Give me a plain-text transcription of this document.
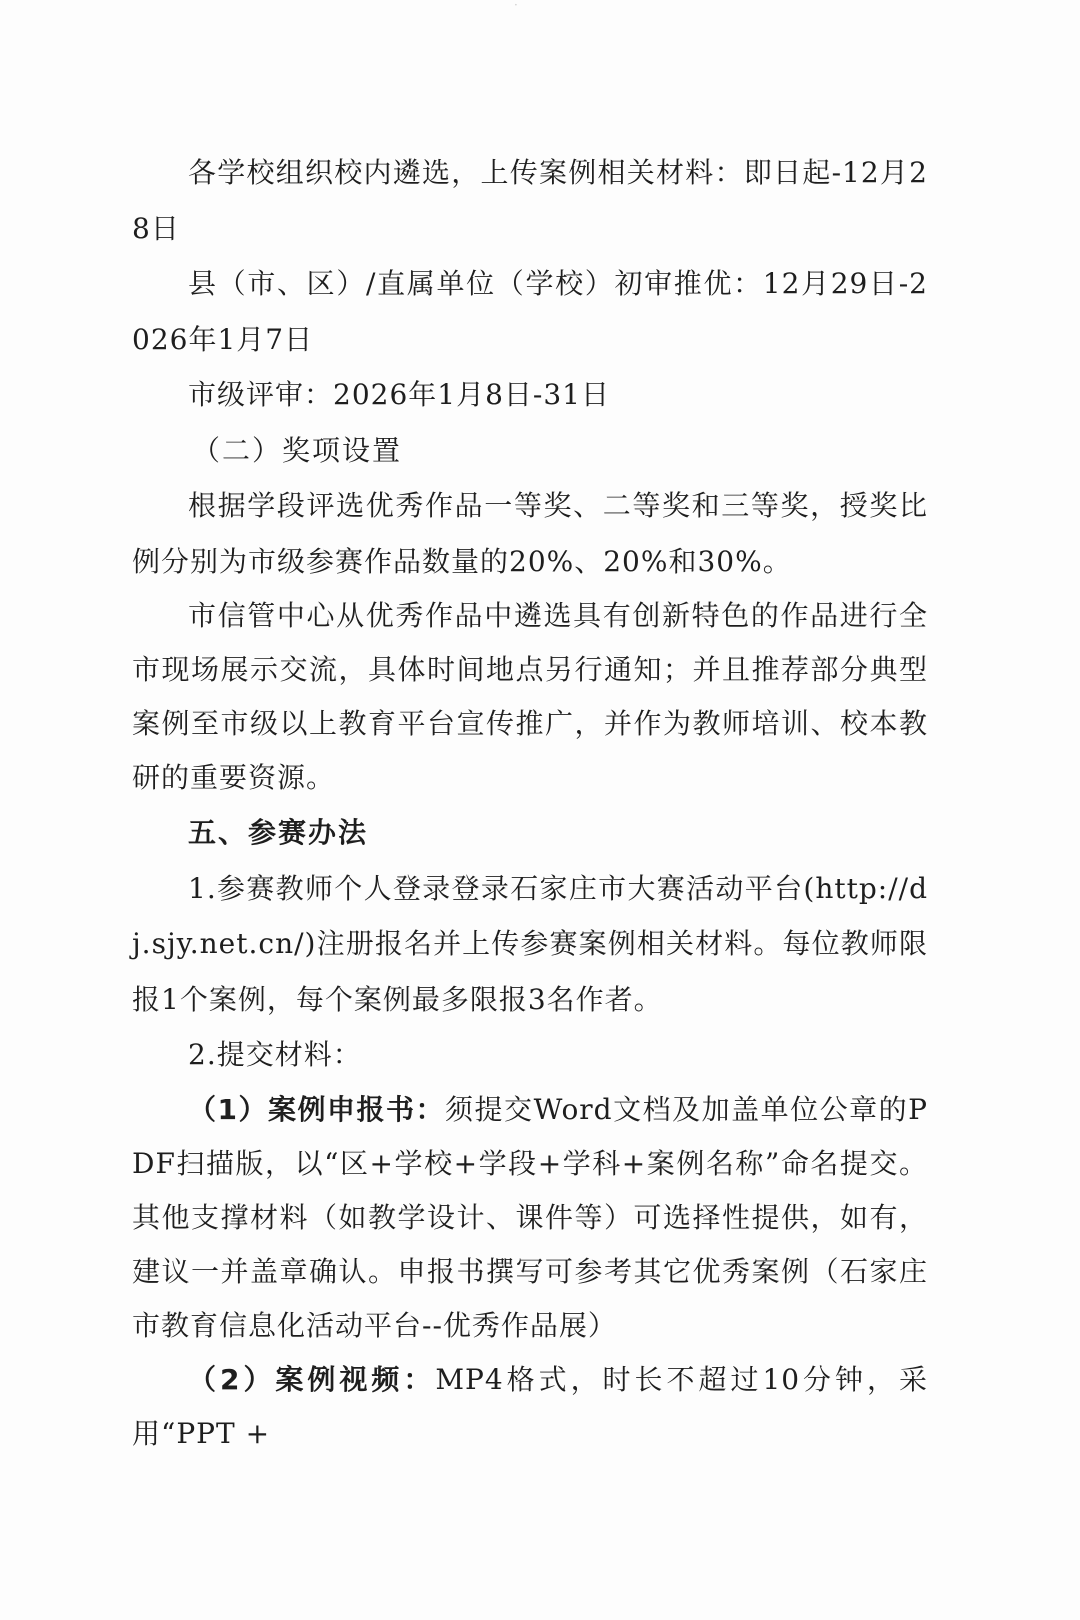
·

各学校组织校内遴选，上传案例相关材料：即日起-12月28日

县（市、区）/直属单位（学校）初审推优：12月29日-2026年1月7日

市级评审：2026年1月8日-31日

（二）奖项设置

根据学段评选优秀作品一等奖、二等奖和三等奖，授奖比例分别为市级参赛作品数量的20%、20%和30%。

市信管中心从优秀作品中遴选具有创新特色的作品进行全市现场展示交流，具体时间地点另行通知；并且推荐部分典型案例至市级以上教育平台宣传推广，并作为教师培训、校本教研的重要资源。

五、参赛办法

1.参赛教师个人登录登录石家庄市大赛活动平台(http://dj.sjy.net.cn/)注册报名并上传参赛案例相关材料。每位教师限报1个案例，每个案例最多限报3名作者。

2.提交材料：

（1）案例申报书：须提交Word文档及加盖单位公章的PDF扫描版，以“区+学校+学段+学科+案例名称”命名提交。其他支撑材料（如教学设计、课件等）可选择性提供，如有，建议一并盖章确认。申报书撰写可参考其它优秀案例（石家庄市教育信息化活动平台--优秀作品展）

（2）案例视频：MP4格式，时长不超过10分钟，采用“PPT +
